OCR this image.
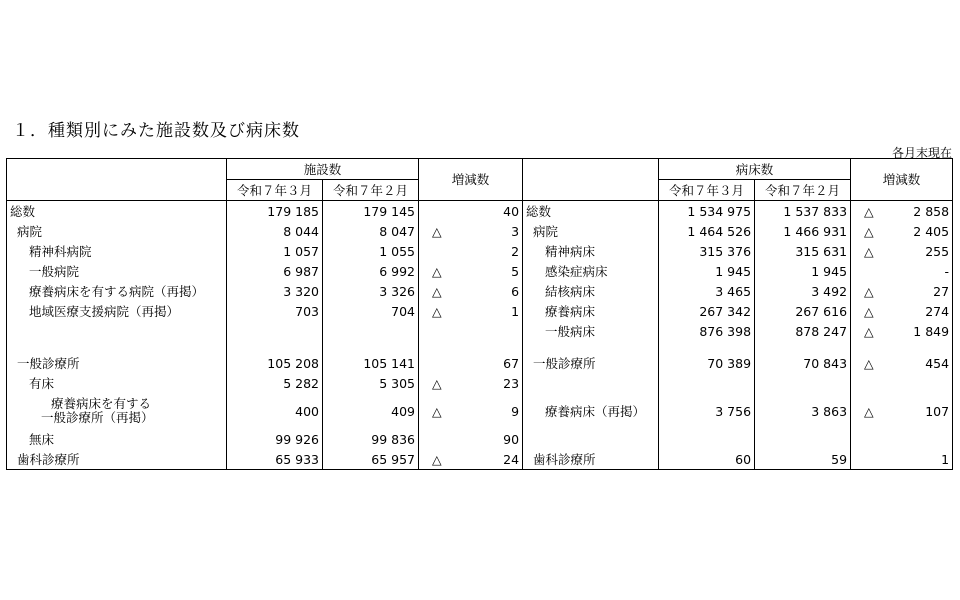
１．種類別にみた施設数及び病床数
各月末現在
	施設数		増減数			病床数		増減数	
	令和７年３月	令和７年２月				令和７年３月	令和７年２月		
総数	179 185	179 145		40	総数	1 534 975	1 537 833	△	2 858
病院	8 044	8 047	△	3	病院	1 464 526	1 466 931	△	2 405
精神科病院	1 057	1 055		2	精神病床	315 376	315 631	△	255
一般病院	6 987	6 992	△	5	感染症病床	1 945	1 945		-
療養病床を有する病院（再掲）	3 320	3 326	△	6	結核病床	3 465	3 492	△	27
地域医療支援病院（再掲）	703	704	△	1	療養病床	267 342	267 616	△	274
					一般病床	876 398	878 247	△	1 849

一般診療所	105 208	105 141		67	一般診療所	70 389	70 843	△	454
有床	5 282	5 305	△	23					

療養病床を有する
一般診療所（再掲）	400	409	△	9	療養病床（再掲）	3 756	3 863	△	107
無床	99 926	99 836		90					
歯科診療所	65 933	65 957	△	24	歯科診療所	60	59		1
